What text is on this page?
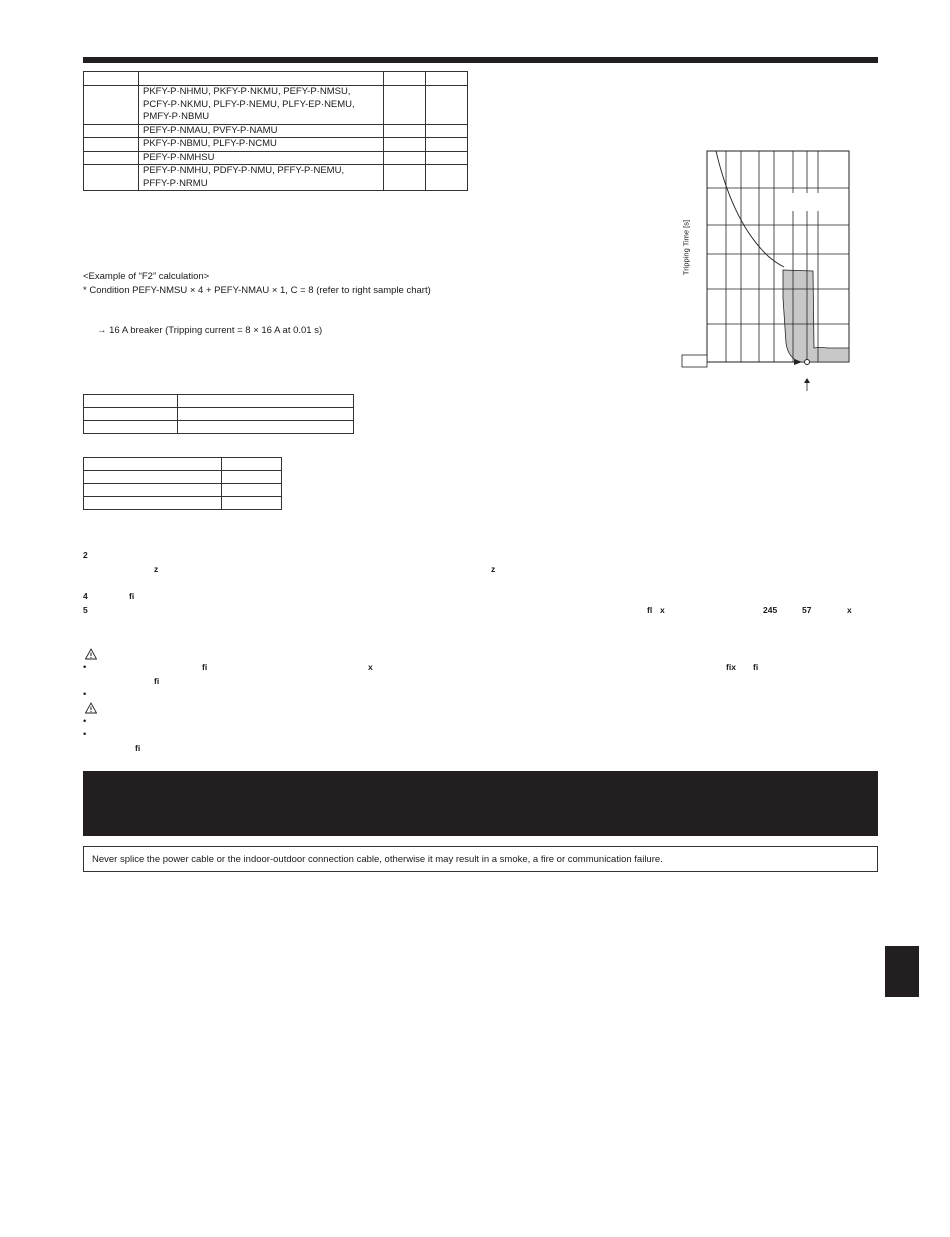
	PKFY-P·NHMU, PKFY-P·NKMU, PEFY-P·NMSU,
PCFY-P·NKMU, PLFY-P·NEMU, PLFY-EP·NEMU,
PMFY-P·NBMU		

	PEFY-P·NMAU, PVFY-P·NAMU		

	PKFY-P·NBMU, PLFY-P·NCMU		

	PEFY-P·NMHSU		

	PEFY-P·NMHU, PDFY-P·NMU, PFFY-P·NEMU,
PFFY-P·NRMU		

<Example of “F2” calculation>
* Condition PEFY-NMSU × 4 + PEFY-NMAU × 1, C = 8 (refer to right sample chart)
→ 16 A breaker (Tripping current = 8 × 16 A at 0.01 s)

Tripping Time [s]
2
z	z
4	fi
5	fl x	245	57	x
•	fi	x	fix fi
fi
•
•
•
fi
Never splice the power cable or the indoor-outdoor connection cable, otherwise it may result in a smoke, a fire or communication failure.
